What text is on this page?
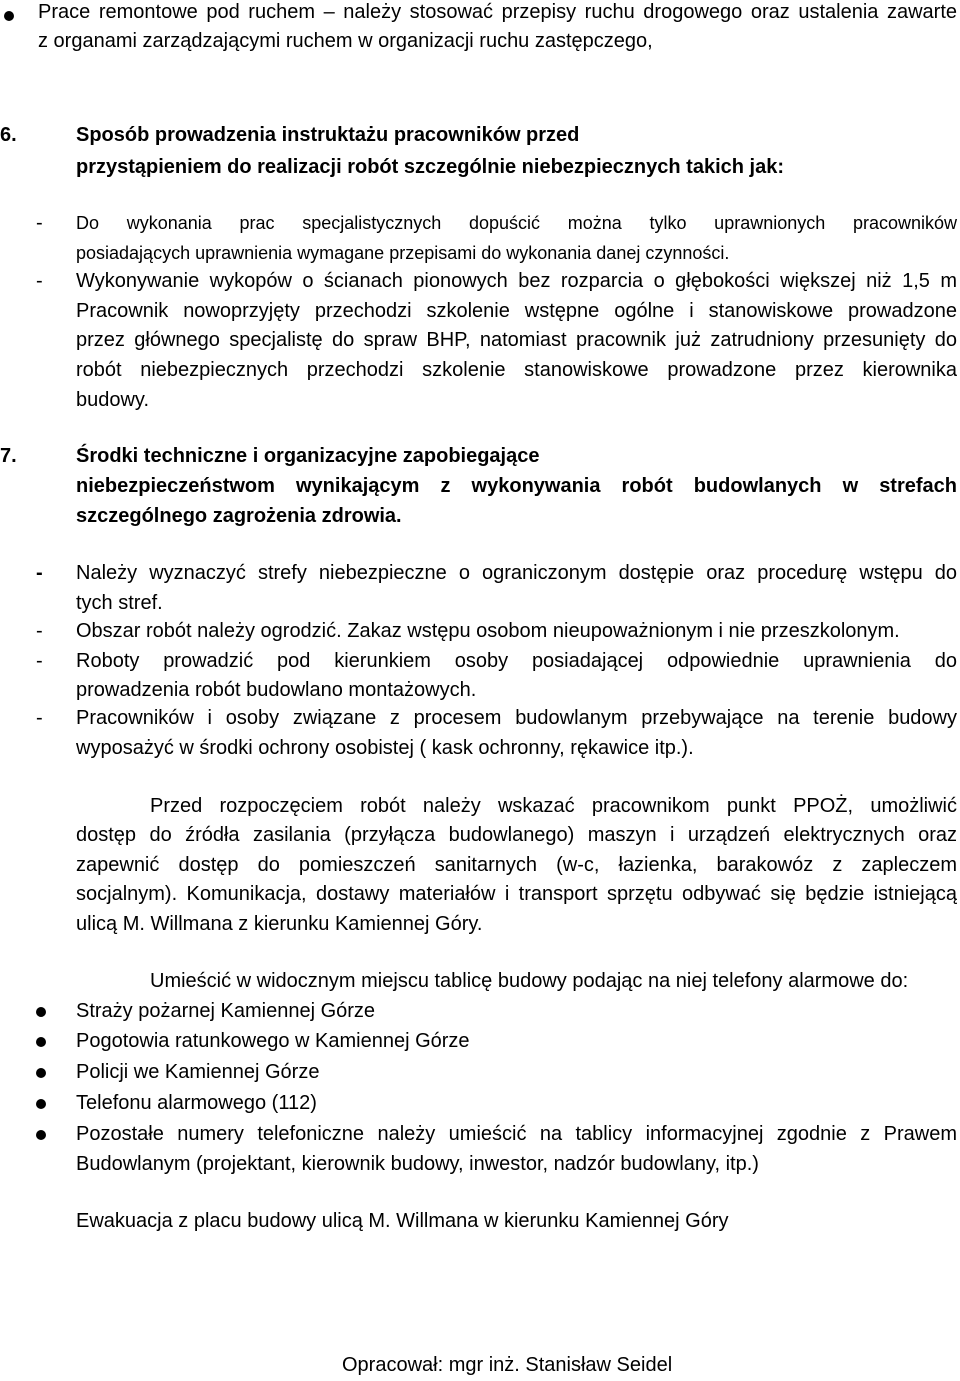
Prace remontowe pod ruchem – należy stosować przepisy ruchu drogowego oraz ustalenia zawarte
z organami zarządzającymi ruchem w organizacji ruchu zastępczego,
6.	Sposób prowadzenia instruktażu pracowników przed
przystąpieniem do realizacji robót szczególnie niebezpiecznych takich jak:
- Do wykonania prac specjalistycznych dopuścić można tylko uprawnionych pracowników
posiadających uprawnienia wymagane przepisami do wykonania danej czynności.
- Wykonywanie wykopów o ścianach pionowych bez rozparcia o głębokości większej niż 1,5 m
Pracownik nowoprzyjęty przechodzi szkolenie wstępne ogólne i stanowiskowe prowadzone
przez głównego specjalistę do spraw BHP, natomiast pracownik już zatrudniony przesunięty do
robót niebezpiecznych przechodzi szkolenie stanowiskowe prowadzone przez kierownika
budowy.
7.	Środki techniczne i organizacyjne zapobiegające
niebezpieczeństwom wynikającym z wykonywania robót budowlanych w strefach
szczególnego zagrożenia zdrowia.
- Należy wyznaczyć strefy niebezpieczne o ograniczonym dostępie oraz procedurę wstępu do
tych stref.
- Obszar robót należy ogrodzić. Zakaz wstępu osobom nieupoważnionym i nie przeszkolonym.
- Roboty prowadzić pod kierunkiem osoby posiadającej odpowiednie uprawnienia do
prowadzenia robót budowlano montażowych.
- Pracowników i osoby związane z procesem budowlanym przebywające na terenie budowy
wyposażyć w środki ochrony osobistej ( kask ochronny, rękawice itp.).
Przed rozpoczęciem robót należy wskazać pracownikom punkt PPOŻ, umożliwić
dostęp do źródła zasilania (przyłącza budowlanego) maszyn i urządzeń elektrycznych oraz
zapewnić dostęp do pomieszczeń sanitarnych (w-c, łazienka, barakowóz z zapleczem
socjalnym). Komunikacja, dostawy materiałów i transport sprzętu odbywać się będzie istniejącą
ulicą M. Willmana z kierunku Kamiennej Góry.
Umieścić w widocznym miejscu tablicę budowy podając na niej telefony alarmowe do:
Straży pożarnej Kamiennej Górze
Pogotowia ratunkowego w Kamiennej Górze
Policji we Kamiennej Górze
Telefonu alarmowego (112)
Pozostałe numery telefoniczne należy umieścić na tablicy informacyjnej zgodnie z Prawem
Budowlanym (projektant, kierownik budowy, inwestor, nadzór budowlany, itp.)
Ewakuacja z placu budowy ulicą M. Willmana w kierunku Kamiennej Góry
Opracował: mgr inż. Stanisław Seidel
